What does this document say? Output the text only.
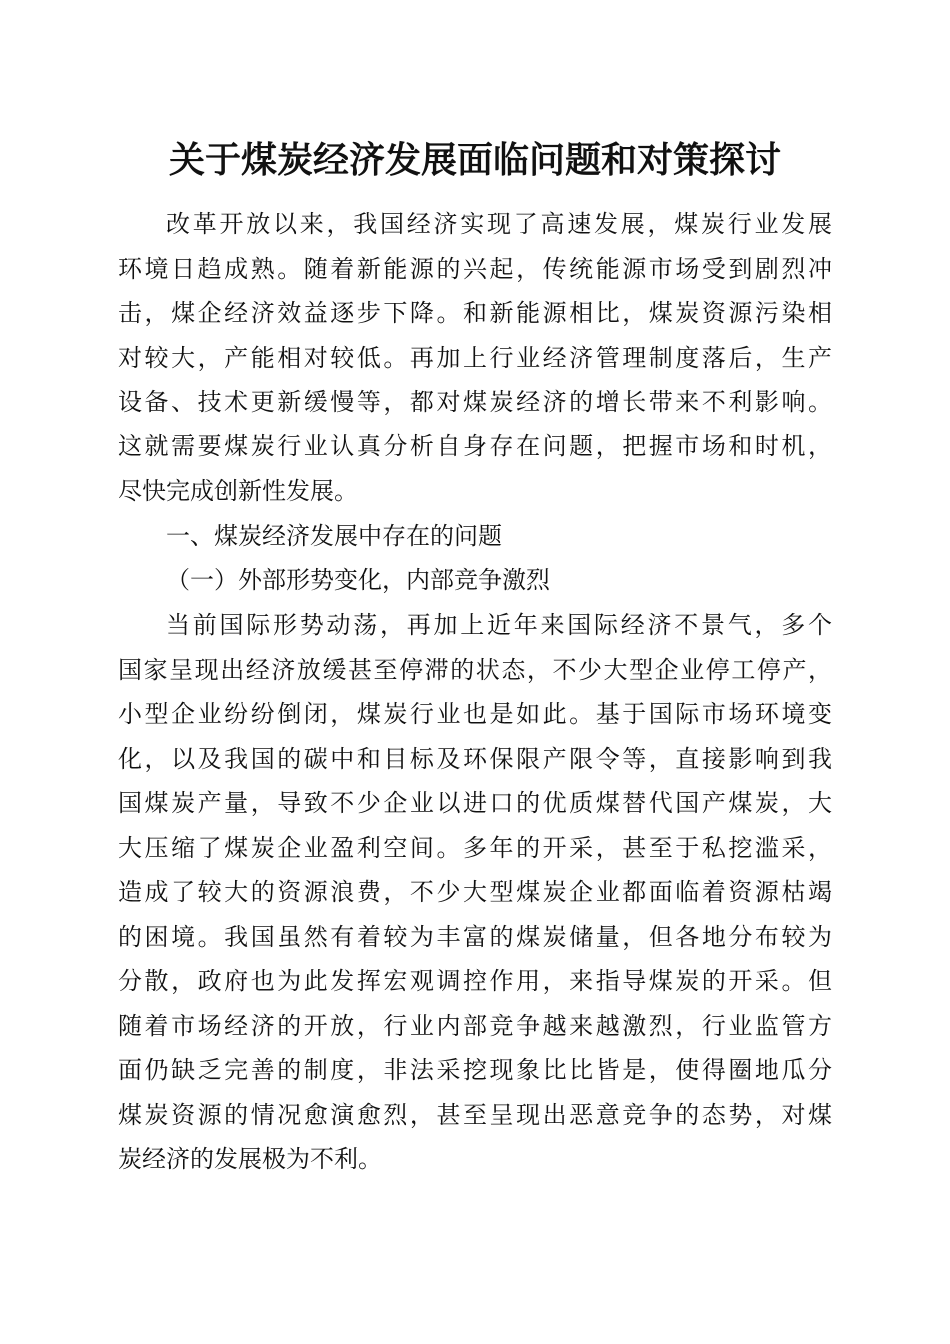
关于煤炭经济发展面临问题和对策探讨
改革开放以来，我国经济实现了高速发展，煤炭行业发展
环境日趋成熟。随着新能源的兴起，传统能源市场受到剧烈冲
击，煤企经济效益逐步下降。和新能源相比，煤炭资源污染相
对较大，产能相对较低。再加上行业经济管理制度落后，生产
设备、技术更新缓慢等，都对煤炭经济的增长带来不利影响。
这就需要煤炭行业认真分析自身存在问题，把握市场和时机，
尽快完成创新性发展。
一、煤炭经济发展中存在的问题
（一）外部形势变化，内部竞争激烈
当前国际形势动荡，再加上近年来国际经济不景气，多个
国家呈现出经济放缓甚至停滞的状态，不少大型企业停工停产，
小型企业纷纷倒闭，煤炭行业也是如此。基于国际市场环境变
化，以及我国的碳中和目标及环保限产限令等，直接影响到我
国煤炭产量，导致不少企业以进口的优质煤替代国产煤炭，大
大压缩了煤炭企业盈利空间。多年的开采，甚至于私挖滥采，
造成了较大的资源浪费，不少大型煤炭企业都面临着资源枯竭
的困境。我国虽然有着较为丰富的煤炭储量，但各地分布较为
分散，政府也为此发挥宏观调控作用，来指导煤炭的开采。但
随着市场经济的开放，行业内部竞争越来越激烈，行业监管方
面仍缺乏完善的制度，非法采挖现象比比皆是，使得圈地瓜分
煤炭资源的情况愈演愈烈，甚至呈现出恶意竞争的态势，对煤
炭经济的发展极为不利。
